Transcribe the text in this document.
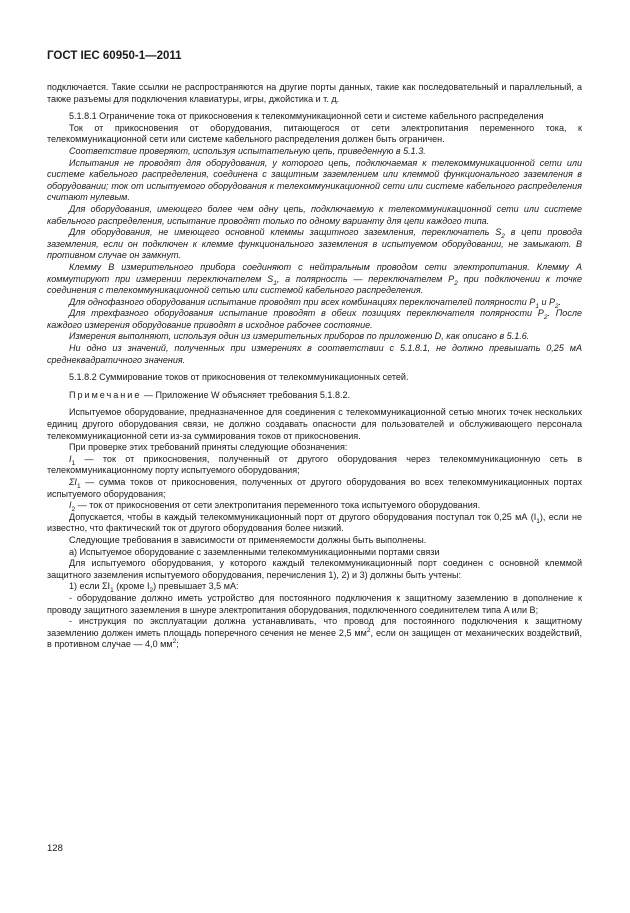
ГОСТ IEC 60950-1—2011

подключается. Такие ссылки не распространяются на другие порты данных, такие как последовательный и параллельный, а также разъемы для подключения клавиатуры, игры, джойстика и т. д.

5.1.8.1 Ограничение тока от прикосновения к телекоммуникационной сети и системе кабельного распределения

Ток от прикосновения от оборудования, питающегося от сети электропитания переменного тока, к телекоммуникационной сети или системе кабельного распределения должен быть ограничен.

Соответствие проверяют, используя испытательную цепь, приведенную в 5.1.3.

Испытания не проводят для оборудования, у которого цепь, подключаемая к телекоммуникационной сети или системе кабельного распределения, соединена с защитным заземлением или клеммой функционального заземления в оборудовании; ток от испытуемого оборудования к телекоммуникационной сети или системе кабельного распределения считают нулевым.

Для оборудования, имеющего более чем одну цепь, подключаемую к телекоммуникационной сети или системе кабельного распределения, испытание проводят только по одному варианту для цепи каждого типа.

Для оборудования, не имеющего основной клеммы защитного заземления, переключатель $S_2$ в цепи провода заземления, если он подключен к клемме функционального заземления в испытуемом оборудовании, не замыкают. В противном случае он замкнут.

Клемму B измерительного прибора соединяют с нейтральным проводом сети электропитания. Клемму A коммутируют при измерении переключателем $S_1$, а полярность — переключателем $P_2$ при подключении к точке соединения с телекоммуникационной сетью или системой кабельного распределения.

Для однофазного оборудования испытание проводят при всех комбинациях переключателей полярности $P_1$ и $P_2$.

Для трехфазного оборудования испытание проводят в обеих позициях переключателя полярности $P_2$. После каждого измерения оборудование приводят в исходное рабочее состояние.

Измерения выполняют, используя один из измерительных приборов по приложению D, как описано в 5.1.6.

Ни одно из значений, полученных при измерениях в соответствии с 5.1.8.1, не должно превышать 0,25 мА среднеквадратичного значения.

5.1.8.2 Суммирование токов от прикосновения от телекоммуникационных сетей.

Примечание — Приложение W объясняет требования 5.1.8.2.

Испытуемое оборудование, предназначенное для соединения с телекоммуникационной сетью многих точек нескольких единиц другого оборудования связи, не должно создавать опасности для пользователей и обслуживающего персонала телекоммуникационной сети из-за суммирования токов от прикосновения.

При проверке этих требований приняты следующие обозначения:

$I_1$ — ток от прикосновения, полученный от другого оборудования через телекоммуникационную сеть в телекоммуникационному порту испытуемого оборудования;

$\Sigma I_1$ — сумма токов от прикосновения, полученных от другого оборудования во всех телекоммуникационных портах испытуемого оборудования;

$I_2$ — ток от прикосновения от сети электропитания переменного тока испытуемого оборудования.

Допускается, чтобы в каждый телекоммуникационный порт от другого оборудования поступал ток 0,25 мА $(I_1)$, если не известно, что фактический ток от другого оборудования более низкий.

Следующие требования в зависимости от применяемости должны быть выполнены.

a) Испытуемое оборудование с заземленными телекоммуникационными портами связи

Для испытуемого оборудования, у которого каждый телекоммуникационный порт соединен с основной клеммой защитного заземления испытуемого оборудования, перечисления 1), 2) и 3) должны быть учтены:

1) если $\Sigma I_1$ (кроме $I_2$) превышает 3,5 мА:

- оборудование должно иметь устройство для постоянного подключения к защитному заземлению в дополнение к проводу защитного заземления в шнуре электропитания оборудования, подключенного соединителем типа A или B;

- инструкция по эксплуатации должна устанавливать, что провод для постоянного подключения к защитному заземлению должен иметь площадь поперечного сечения не менее 2,5 $мм^2$, если он защищен от механических воздействий, в противном случае — 4,0 $мм^2$;

128
